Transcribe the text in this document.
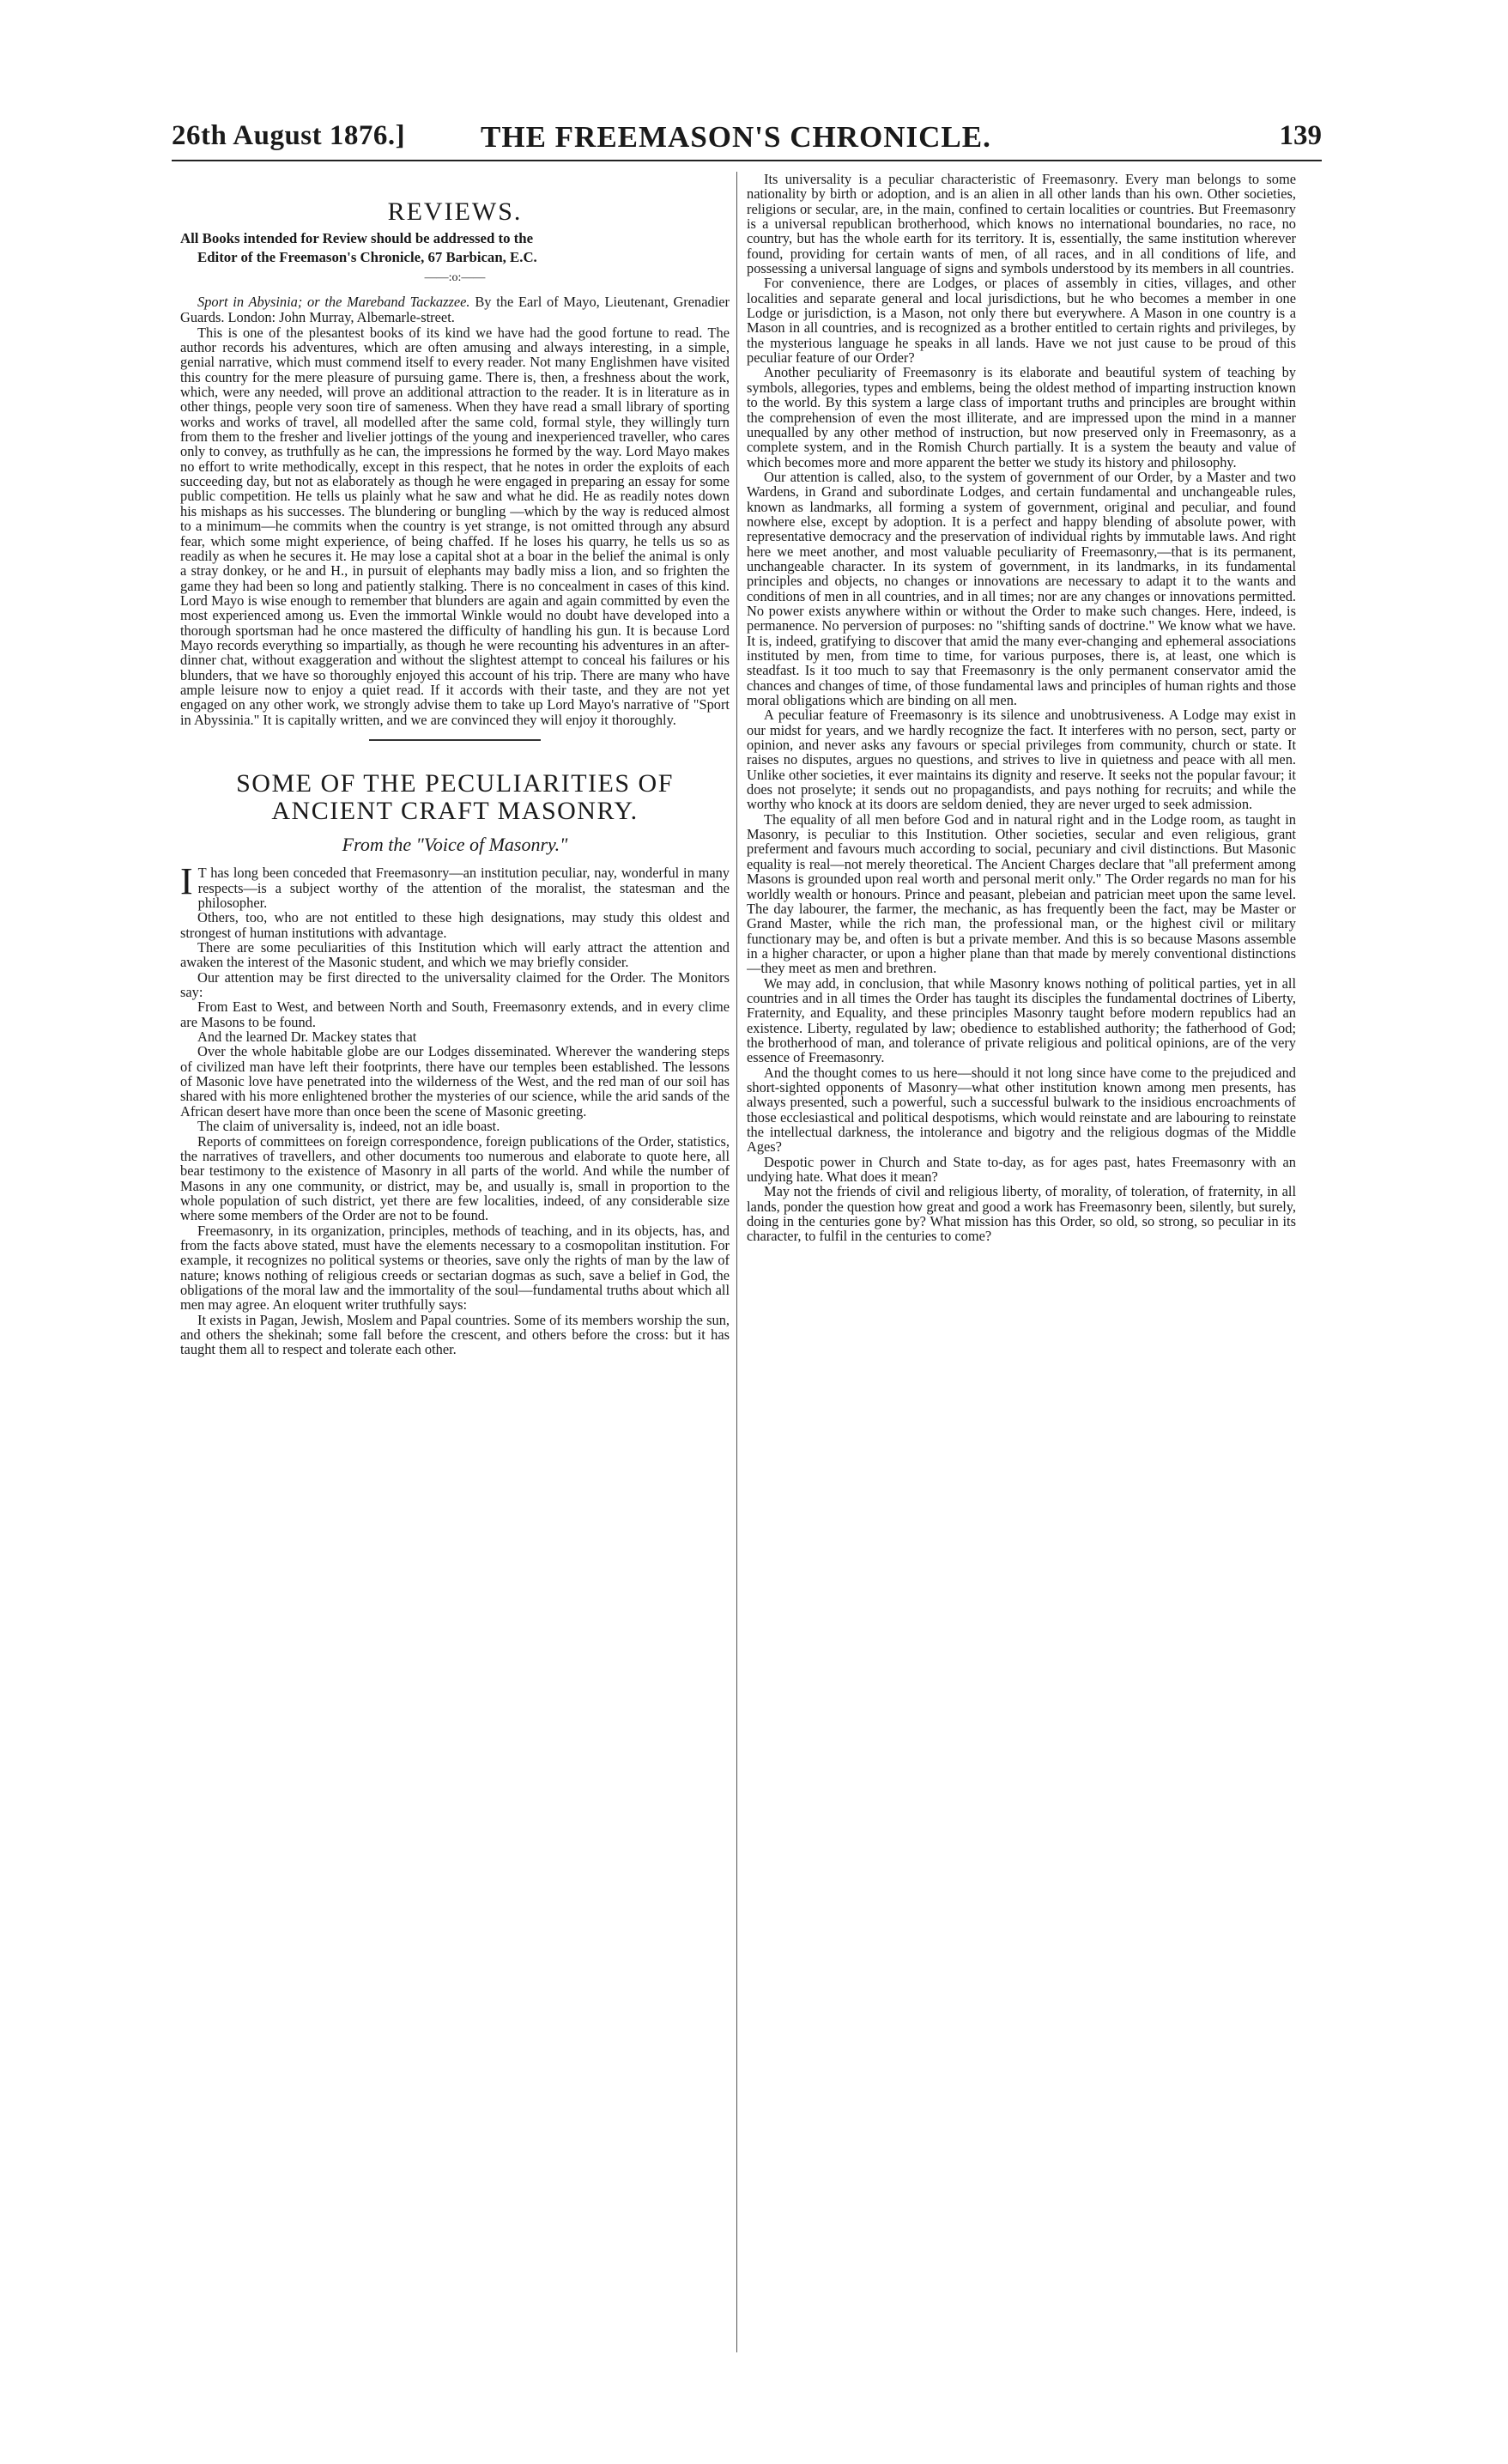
26th August 1876.]	THE FREEMASON'S CHRONICLE.	139
REVIEWS.
All Books intended for Review should be addressed to the
Editor of the Freemason's Chronicle, 67 Barbican, E.C.
——:o:——

Sport in Abysinia; or the Mareband Tackazzee. By the Earl of Mayo, Lieutenant, Grenadier Guards. London: John Murray, Albemarle-street.

This is one of the plesantest books of its kind we have had the good fortune to read. The author records his adventures, which are often amusing and always interesting, in a simple, genial narrative, which must commend itself to every reader. Not many Englishmen have visited this country for the mere pleasure of pursuing game. There is, then, a freshness about the work, which, were any needed, will prove an additional attraction to the reader. It is in literature as in other things, people very soon tire of sameness. When they have read a small library of sporting works and works of travel, all modelled after the same cold, formal style, they willingly turn from them to the fresher and livelier jottings of the young and inexperienced traveller, who cares only to convey, as truthfully as he can, the impressions he formed by the way. Lord Mayo makes no effort to write methodically, except in this respect, that he notes in order the exploits of each succeeding day, but not as elaborately as though he were engaged in preparing an essay for some public competition. He tells us plainly what he saw and what he did. He as readily notes down his mishaps as his successes. The blundering or bungling —which by the way is reduced almost to a minimum—he commits when the country is yet strange, is not omitted through any absurd fear, which some might experience, of being chaffed. If he loses his quarry, he tells us so as readily as when he secures it. He may lose a capital shot at a boar in the belief the animal is only a stray donkey, or he and H., in pursuit of elephants may badly miss a lion, and so frighten the game they had been so long and patiently stalking. There is no concealment in cases of this kind. Lord Mayo is wise enough to remember that blunders are again and again committed by even the most experienced among us. Even the immortal Winkle would no doubt have developed into a thorough sportsman had he once mastered the difficulty of handling his gun. It is because Lord Mayo records everything so impartially, as though he were recounting his adventures in an after-dinner chat, without exaggeration and without the slightest attempt to conceal his failures or his blunders, that we have so thoroughly enjoyed this account of his trip. There are many who have ample leisure now to enjoy a quiet read. If it accords with their taste, and they are not yet engaged on any other work, we strongly advise them to take up Lord Mayo's narrative of "Sport in Abyssinia." It is capitally written, and we are convinced they will enjoy it thoroughly.

SOME OF THE PECULIARITIES OF
ANCIENT CRAFT MASONRY.
From the "Voice of Masonry."

I T has long been conceded that Freemasonry—an institution peculiar, nay, wonderful in many respects—is a subject worthy of the attention of the moralist, the statesman and the philosopher.

Others, too, who are not entitled to these high designations, may study this oldest and strongest of human institutions with advantage.

There are some peculiarities of this Institution which will early attract the attention and awaken the interest of the Masonic student, and which we may briefly consider.

Our attention may be first directed to the universality claimed for the Order. The Monitors say:

From East to West, and between North and South, Freemasonry extends, and in every clime are Masons to be found.

And the learned Dr. Mackey states that

Over the whole habitable globe are our Lodges disseminated. Wherever the wandering steps of civilized man have left their footprints, there have our temples been established. The lessons of Masonic love have penetrated into the wilderness of the West, and the red man of our soil has shared with his more enlightened brother the mysteries of our science, while the arid sands of the African desert have more than once been the scene of Masonic greeting.

The claim of universality is, indeed, not an idle boast.

Reports of committees on foreign correspondence, foreign publications of the Order, statistics, the narratives of travellers, and other documents too numerous and elaborate to quote here, all bear testimony to the existence of Masonry in all parts of the world. And while the number of Masons in any one community, or district, may be, and usually is, small in proportion to the whole population of such district, yet there are few localities, indeed, of any considerable size where some members of the Order are not to be found.

Freemasonry, in its organization, principles, methods of teaching, and in its objects, has, and from the facts above stated, must have the elements necessary to a cosmopolitan institution. For example, it recognizes no political systems or theories, save only the rights of man by the law of nature; knows nothing of religious creeds or sectarian dogmas as such, save a belief in God, the obligations of the moral law and the immortality of the soul—fundamental truths about which all men may agree. An eloquent writer truthfully says:

It exists in Pagan, Jewish, Moslem and Papal countries. Some of its members worship the sun, and others the shekinah; some fall before the crescent, and others before the cross: but it has taught them all to respect and tolerate each other.

Its universality is a peculiar characteristic of Freemasonry. Every man belongs to some nationality by birth or adoption, and is an alien in all other lands than his own. Other societies, religions or secular, are, in the main, confined to certain localities or countries. But Freemasonry is a universal republican brotherhood, which knows no international boundaries, no race, no country, but has the whole earth for its territory. It is, essentially, the same institution wherever found, providing for certain wants of men, of all races, and in all conditions of life, and possessing a universal language of signs and symbols understood by its members in all countries.

For convenience, there are Lodges, or places of assembly in cities, villages, and other localities and separate general and local jurisdictions, but he who becomes a member in one Lodge or jurisdiction, is a Mason, not only there but everywhere. A Mason in one country is a Mason in all countries, and is recognized as a brother entitled to certain rights and privileges, by the mysterious language he speaks in all lands. Have we not just cause to be proud of this peculiar feature of our Order?

Another peculiarity of Freemasonry is its elaborate and beautiful system of teaching by symbols, allegories, types and emblems, being the oldest method of imparting instruction known to the world. By this system a large class of important truths and principles are brought within the comprehension of even the most illiterate, and are impressed upon the mind in a manner unequalled by any other method of instruction, but now preserved only in Freemasonry, as a complete system, and in the Romish Church partially. It is a system the beauty and value of which becomes more and more apparent the better we study its history and philosophy.

Our attention is called, also, to the system of government of our Order, by a Master and two Wardens, in Grand and subordinate Lodges, and certain fundamental and unchangeable rules, known as landmarks, all forming a system of government, original and peculiar, and found nowhere else, except by adoption. It is a perfect and happy blending of absolute power, with representative democracy and the preservation of individual rights by immutable laws. And right here we meet another, and most valuable peculiarity of Freemasonry,—that is its permanent, unchangeable character. In its system of government, in its landmarks, in its fundamental principles and objects, no changes or innovations are necessary to adapt it to the wants and conditions of men in all countries, and in all times; nor are any changes or innovations permitted. No power exists anywhere within or without the Order to make such changes. Here, indeed, is permanence. No perversion of purposes: no "shifting sands of doctrine." We know what we have. It is, indeed, gratifying to discover that amid the many ever-changing and ephemeral associations instituted by men, from time to time, for various purposes, there is, at least, one which is steadfast. Is it too much to say that Freemasonry is the only permanent conservator amid the chances and changes of time, of those fundamental laws and principles of human rights and those moral obligations which are binding on all men.

A peculiar feature of Freemasonry is its silence and unobtrusiveness. A Lodge may exist in our midst for years, and we hardly recognize the fact. It interferes with no person, sect, party or opinion, and never asks any favours or special privileges from community, church or state. It raises no disputes, argues no questions, and strives to live in quietness and peace with all men. Unlike other societies, it ever maintains its dignity and reserve. It seeks not the popular favour; it does not proselyte; it sends out no propagandists, and pays nothing for recruits; and while the worthy who knock at its doors are seldom denied, they are never urged to seek admission.

The equality of all men before God and in natural right and in the Lodge room, as taught in Masonry, is peculiar to this Institution. Other societies, secular and even religious, grant preferment and favours much according to social, pecuniary and civil distinctions. But Masonic equality is real—not merely theoretical. The Ancient Charges declare that "all preferment among Masons is grounded upon real worth and personal merit only." The Order regards no man for his worldly wealth or honours. Prince and peasant, plebeian and patrician meet upon the same level. The day labourer, the farmer, the mechanic, as has frequently been the fact, may be Master or Grand Master, while the rich man, the professional man, or the highest civil or military functionary may be, and often is but a private member. And this is so because Masons assemble in a higher character, or upon a higher plane than that made by merely conventional distinctions—they meet as men and brethren.

We may add, in conclusion, that while Masonry knows nothing of political parties, yet in all countries and in all times the Order has taught its disciples the fundamental doctrines of Liberty, Fraternity, and Equality, and these principles Masonry taught before modern republics had an existence. Liberty, regulated by law; obedience to established authority; the fatherhood of God; the brotherhood of man, and tolerance of private religious and political opinions, are of the very essence of Freemasonry.

And the thought comes to us here—should it not long since have come to the prejudiced and short-sighted opponents of Masonry—what other institution known among men presents, has always presented, such a powerful, such a successful bulwark to the insidious encroachments of those ecclesiastical and political despotisms, which would reinstate and are labouring to reinstate the intellectual darkness, the intolerance and bigotry and the religious dogmas of the Middle Ages?

Despotic power in Church and State to-day, as for ages past, hates Freemasonry with an undying hate. What does it mean?

May not the friends of civil and religious liberty, of morality, of toleration, of fraternity, in all lands, ponder the question how great and good a work has Freemasonry been, silently, but surely, doing in the centuries gone by? What mission has this Order, so old, so strong, so peculiar in its character, to fulfil in the centuries to come?
